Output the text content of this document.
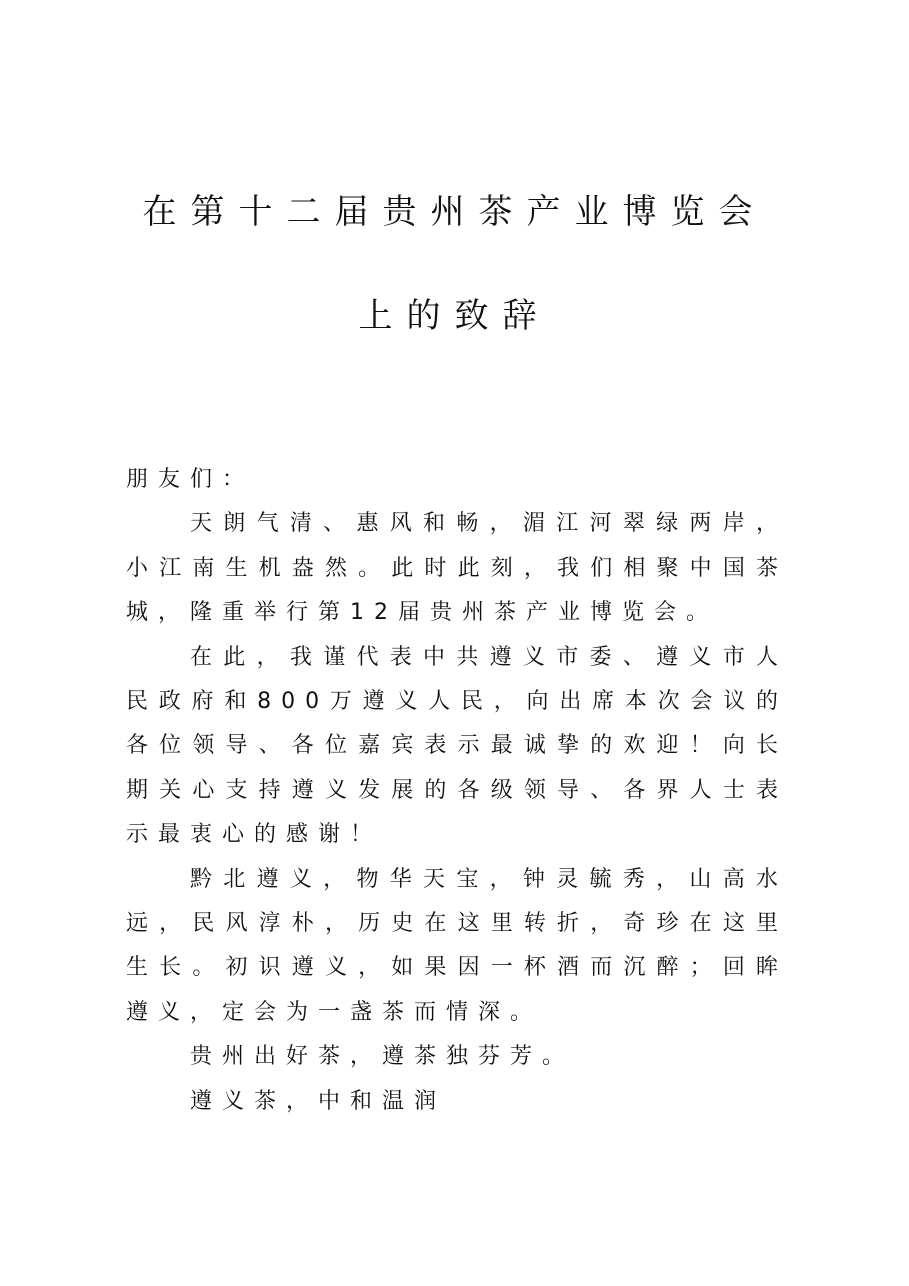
在第十二届贵州茶产业博览会
上的致辞

朋友们：

天朗气清、惠风和畅，湄江河翠绿两岸，小江南生机盎然。此时此刻，我们相聚中国茶城，隆重举行第12届贵州茶产业博览会。

在此，我谨代表中共遵义市委、遵义市人民政府和800万遵义人民，向出席本次会议的各位领导、各位嘉宾表示最诚挚的欢迎！向长期关心支持遵义发展的各级领导、各界人士表示最衷心的感谢！

黔北遵义，物华天宝，钟灵毓秀，山高水远，民风淳朴，历史在这里转折，奇珍在这里生长。初识遵义，如果因一杯酒而沉醉；回眸遵义，定会为一盏茶而情深。

贵州出好茶，遵茶独芬芳。

遵义茶，中和温润
